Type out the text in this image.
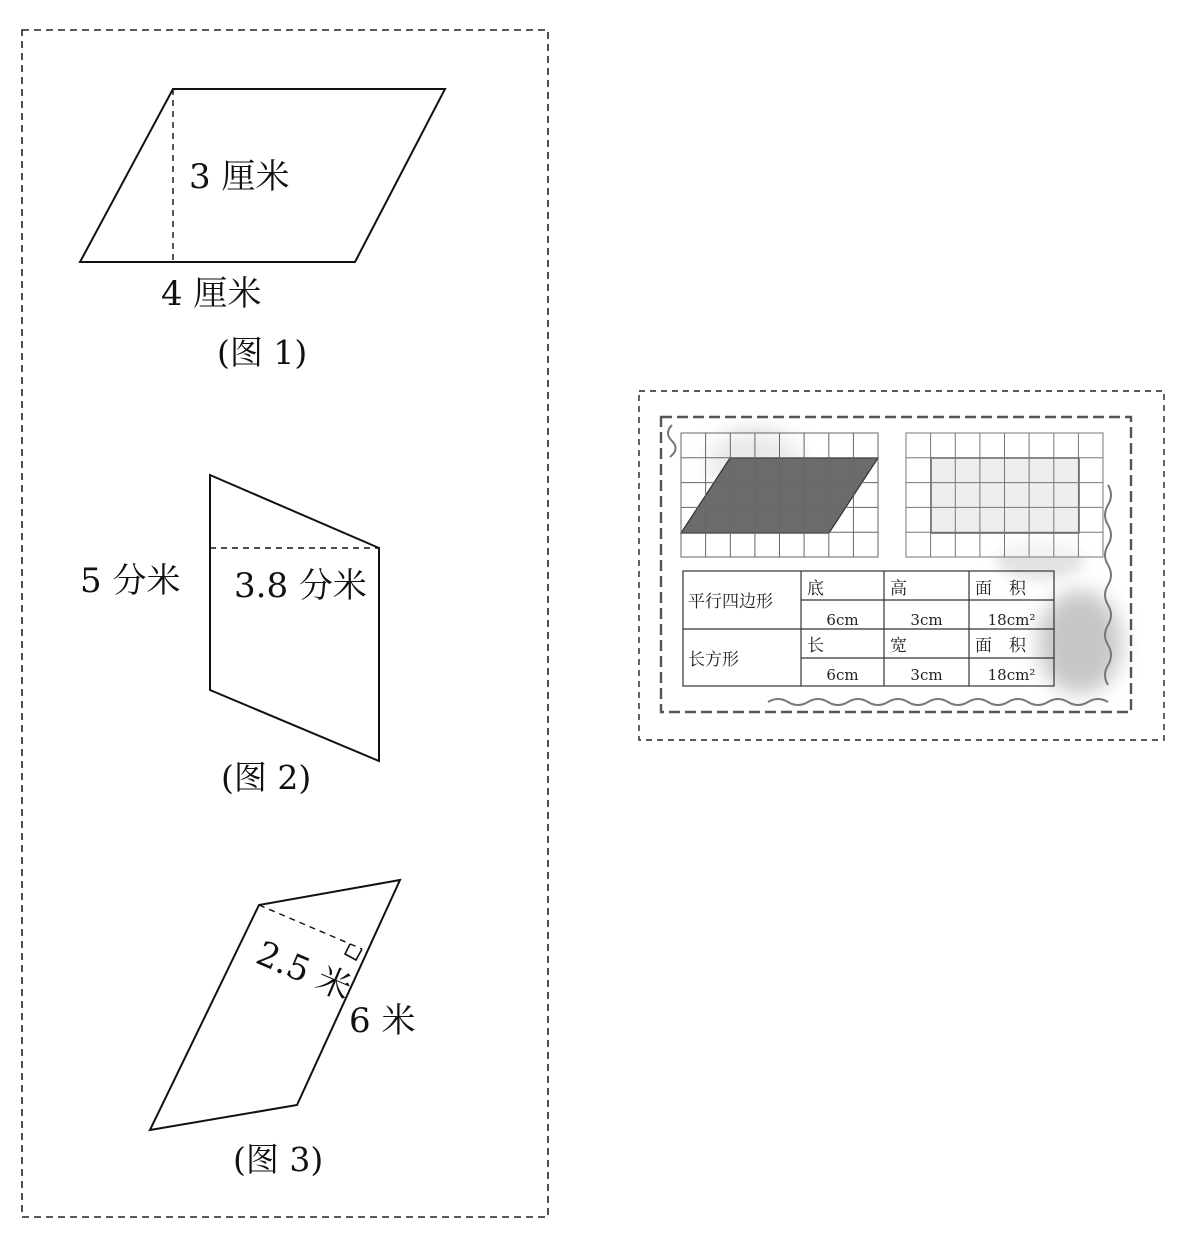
3 厘米
4 厘米
(图 1)
5 分米 3.8 分米
(图 2)
2.5 米
6 米
(图 3)
平行四边形
底	高	面　积
6cm	3cm	18cm²
长方形
长	宽	面　积
6cm	3cm	18cm²
